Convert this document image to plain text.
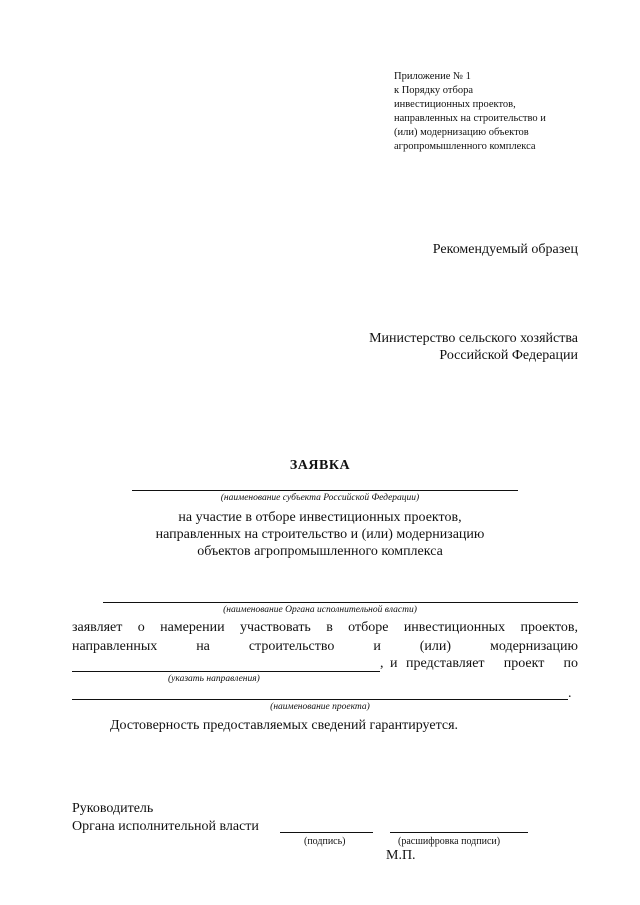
Приложение № 1
к Порядку отбора
инвестиционных проектов,
направленных на строительство и
(или) модернизацию объектов
агропромышленного комплекса
Рекомендуемый образец
Министерство сельского хозяйства
Российской Федерации
ЗАЯВКА
(наименование субъекта Российской Федерации)
на участие в отборе инвестиционных проектов,
направленных на строительство и (или) модернизацию
объектов агропромышленного комплекса
(наименование Органа исполнительной власти)
заявляет о намерении участвовать в отборе инвестиционных проектов,
направленных	на	строительство	и	(или)	модернизацию
, и представляет проект по
(указать направления)
.
(наименование проекта)
Достоверность предоставляемых сведений гарантируется.
Руководитель
Органа исполнительной власти
(подпись)	(расшифровка подписи)
М.П.
